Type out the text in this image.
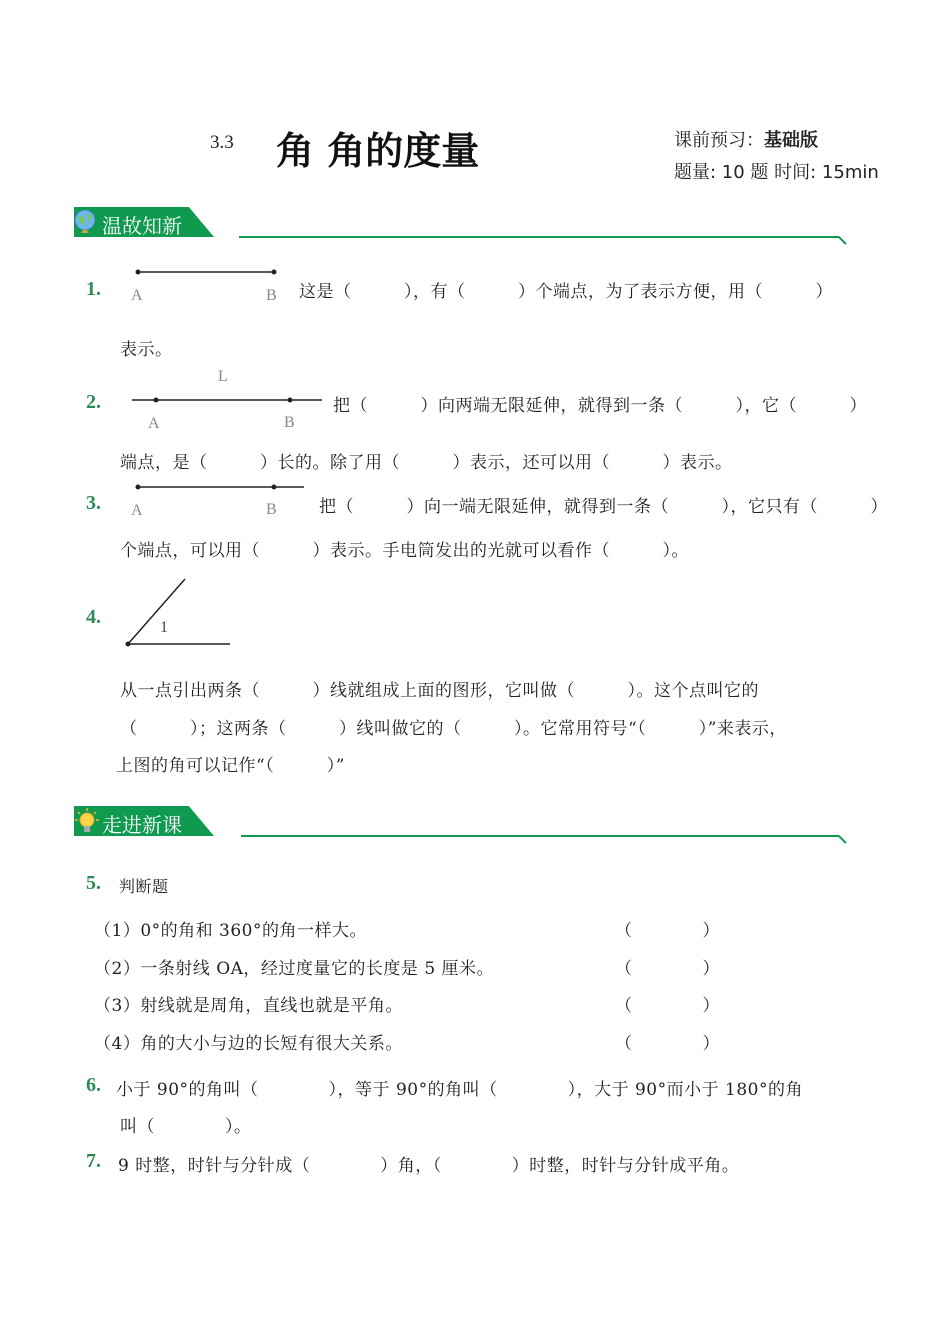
3.3 角 角的度量	课前预习：基础版
题量: 10 题 时间: 15min
温故知新
1. A	B 这是（　　　），有（　　　）个端点，为了表示方便，用（　　　）
表示。
2.
L
A	B
把（　　　）向两端无限延伸，就得到一条（　　　），它（　　　）
端点，是（　　　）长的。除了用（　　　）表示，还可以用（　　　）表示。
3. A	B 把（　　　）向一端无限延伸，就得到一条（　　　），它只有（　　　）
个端点，可以用（　　　）表示。手电筒发出的光就可以看作（　　　）。
4.	1
从一点引出两条（　　　）线就组成上面的图形，它叫做（　　　）。这个点叫它的
（　　　）；这两条（　　　）线叫做它的（　　　）。它常用符号“（　　　）”来表示，
上图的角可以记作“（　　　）”
走进新课
5. 判断题
（1）0°的角和 360°的角一样大。	（　　　　）
（2）一条射线 OA，经过度量它的长度是 5 厘米。	（　　　　）
（3）射线就是周角，直线也就是平角。	（　　　　）
（4）角的大小与边的长短有很大关系。	（　　　　）
6. 小于 90°的角叫（　　　　），等于 90°的角叫（　　　　），大于 90°而小于 180°的角
叫（　　　　）。
7. 9 时整，时针与分针成（　　　　）角，（　　　　）时整，时针与分针成平角。
